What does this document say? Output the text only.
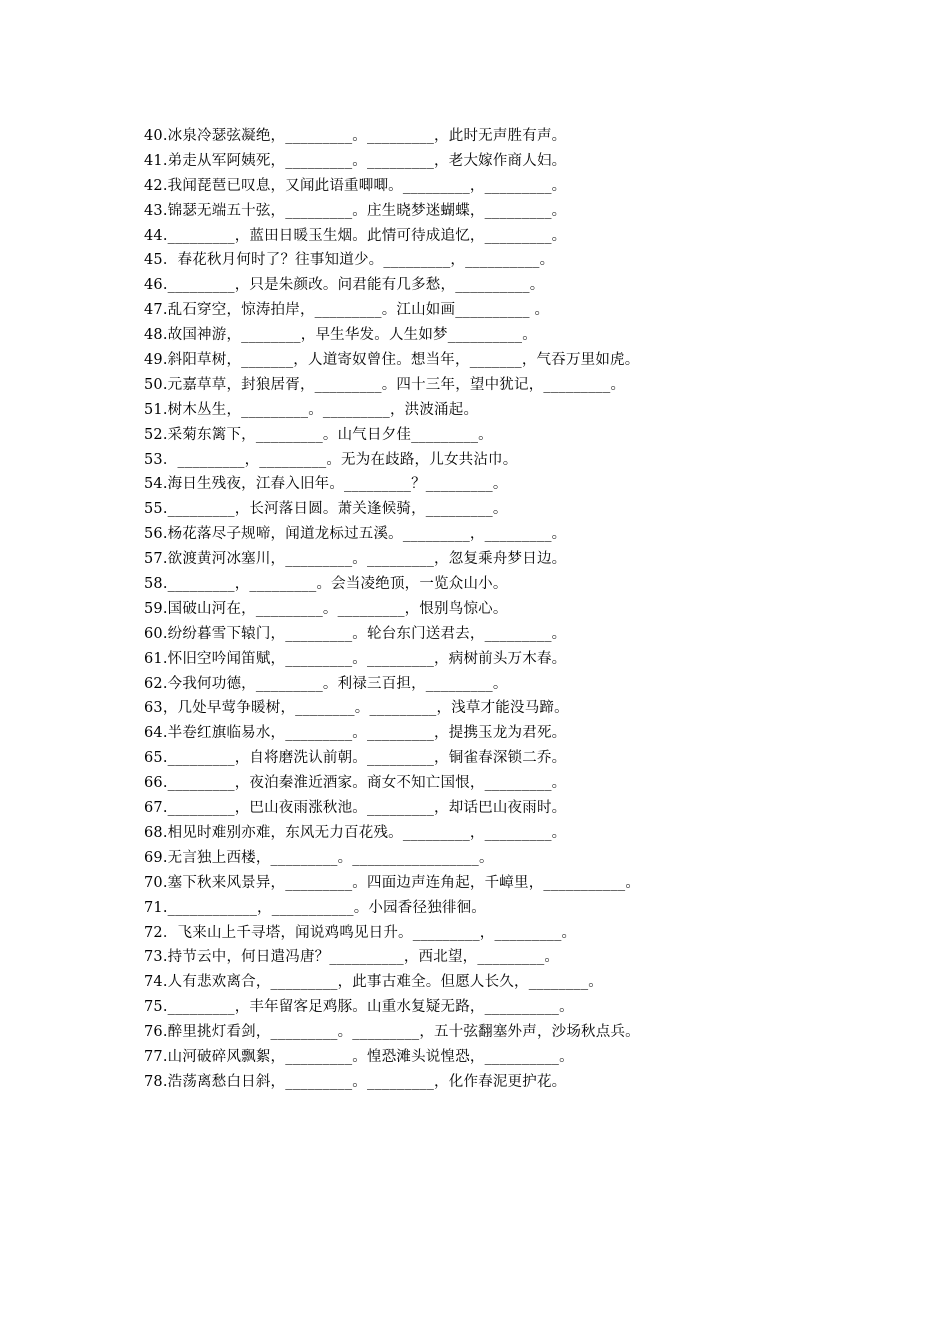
40.冰泉冷瑟弦凝绝，_________。_________，此时无声胜有声。
41.弟走从军阿姨死，_________。_________，老大嫁作商人妇。
42.我闻琵琶已叹息，又闻此语重唧唧。_________，_________。
43.锦瑟无端五十弦，_________。庄生晓梦迷蝴蝶，_________。
44._________，蓝田日暖玉生烟。此情可待成追忆，_________。
45．春花秋月何时了？往事知道少。_________，__________。
46._________，只是朱颜改。问君能有几多愁，__________。
47.乱石穿空，惊涛拍岸，_________。江山如画__________ 。
48.故国神游，________，早生华发。人生如梦__________。
49.斜阳草树，_______，人道寄奴曾住。想当年，_______，气吞万里如虎。
50.元嘉草草，封狼居胥，_________。四十三年，望中犹记，_________。
51.树木丛生，_________。_________，洪波涌起。
52.采菊东篱下，_________。山气日夕佳_________。
53．_________，_________。无为在歧路，儿女共沾巾。
54.海日生残夜，江春入旧年。_________？_________。
55._________，长河落日圆。萧关逢候骑，_________。
56.杨花落尽子规啼，闻道龙标过五溪。_________，_________。
57.欲渡黄河冰塞川，_________。_________，忽复乘舟梦日边。
58._________，_________。会当凌绝顶，一览众山小。
59.国破山河在，_________。_________，恨别鸟惊心。
60.纷纷暮雪下辕门，_________。轮台东门送君去，_________。
61.怀旧空吟闻笛赋，_________。_________，病树前头万木春。
62.今我何功德，_________。利禄三百担，_________。
63，几处早莺争暖树，________。_________，浅草才能没马蹄。
64.半卷红旗临易水，_________。_________，提携玉龙为君死。
65._________，自将磨洗认前朝。_________，铜雀春深锁二乔。
66._________，夜泊秦淮近酒家。商女不知亡国恨，_________。
67._________，巴山夜雨涨秋池。_________，却话巴山夜雨时。
68.相见时难别亦难，东风无力百花残。_________，_________。
69.无言独上西楼，_________。_________________。
70.塞下秋来风景异，_________。四面边声连角起，千嶂里，___________。
71.____________，___________。小园香径独徘徊。
72．飞来山上千寻塔，闻说鸡鸣见日升。_________，_________。
73.持节云中，何日遣冯唐？__________，西北望，_________。
74.人有悲欢离合，_________，此事古难全。但愿人长久，________。
75._________，丰年留客足鸡豚。山重水复疑无路，__________。
76.醉里挑灯看剑，_________。_________，五十弦翻塞外声，沙场秋点兵。
77.山河破碎风飘絮，_________。惶恐滩头说惶恐，__________。
78.浩荡离愁白日斜，_________。_________，化作春泥更护花。
